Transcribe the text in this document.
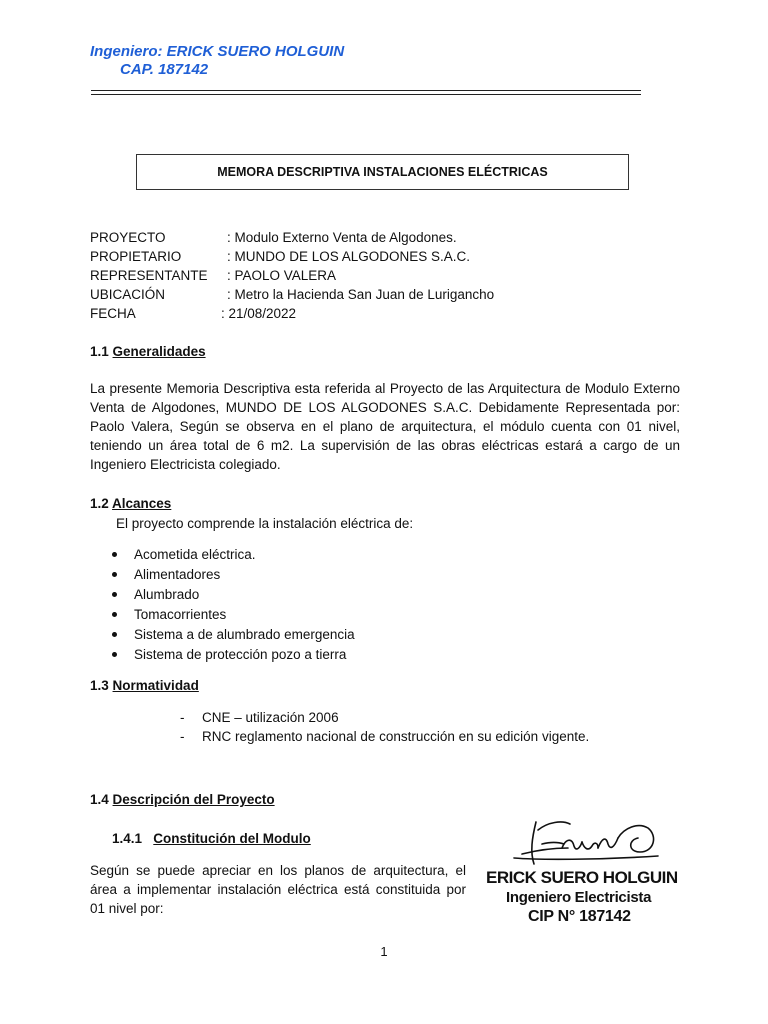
Ingeniero: ERICK SUERO HOLGUIN
CAP. 187142
MEMORA DESCRIPTIVA INSTALACIONES ELÉCTRICAS
PROYECTO	: Modulo Externo Venta de Algodones.
PROPIETARIO	: MUNDO DE LOS ALGODONES S.A.C.
REPRESENTANTE : PAOLO VALERA
UBICACIÓN	: Metro la Hacienda San Juan de Lurigancho
FECHA	: 21/08/2022
1.1 Generalidades
La presente Memoria Descriptiva esta referida al Proyecto de las Arquitectura de Modulo Externo Venta de Algodones, MUNDO DE LOS ALGODONES S.A.C. Debidamente Representada por: Paolo Valera, Según se observa en el plano de arquitectura, el módulo cuenta con 01 nivel, teniendo un área total de 6 m2. La supervisión de las obras eléctricas estará a cargo de un Ingeniero Electricista colegiado.
1.2 Alcances
El proyecto comprende la instalación eléctrica de:
Acometida eléctrica.
Alimentadores
Alumbrado
Tomacorrientes
Sistema a de alumbrado emergencia
Sistema de protección pozo a tierra
1.3 Normatividad
- CNE – utilización 2006
- RNC reglamento nacional de construcción en su edición vigente.
1.4 Descripción del Proyecto
1.4.1 Constitución del Modulo
Según se puede apreciar en los planos de arquitectura, el área a implementar instalación eléctrica está constituida por 01 nivel por:
ERICK SUERO HOLGUIN
Ingeniero Electricista
CIP N° 187142
1
